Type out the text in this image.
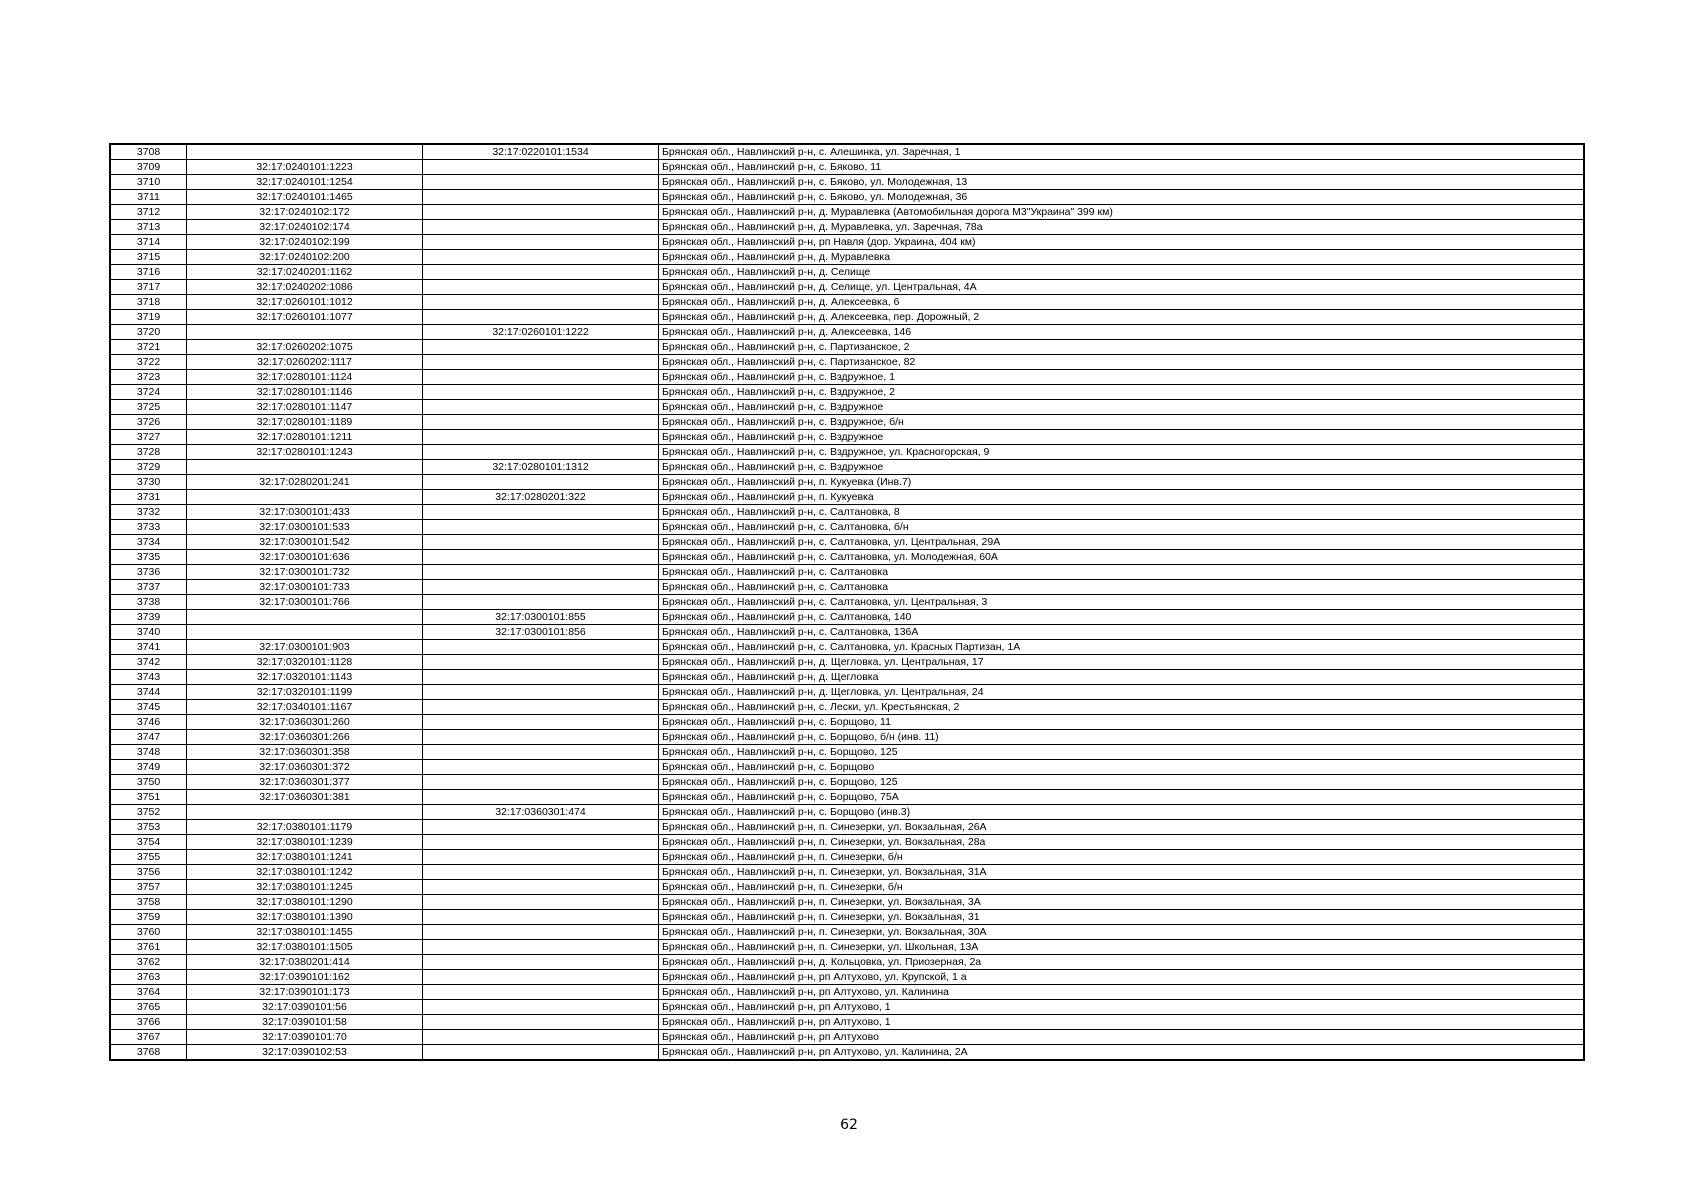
3708		32:17:0220101:1534	Брянская обл., Навлинский р-н, с. Алешинка, ул. Заречная, 1
3709	32:17:0240101:1223		Брянская обл., Навлинский р-н, с. Бяково, 11
3710	32:17:0240101:1254		Брянская обл., Навлинский р-н, с. Бяково, ул. Молодежная, 13
3711	32:17:0240101:1465		Брянская обл., Навлинский р-н, с. Бяково, ул. Молодежная, 36
3712	32:17:0240102:172		Брянская обл., Навлинский р-н, д. Муравлевка (Автомобильная дорога М3"Украина" 399 км)
3713	32:17:0240102:174		Брянская обл., Навлинский р-н, д. Муравлевка, ул. Заречная, 78а
3714	32:17:0240102:199		Брянская обл., Навлинский р-н, рп Навля (дор. Украина, 404 км)
3715	32:17:0240102:200		Брянская обл., Навлинский р-н, д. Муравлевка
3716	32:17:0240201:1162		Брянская обл., Навлинский р-н, д. Селище
3717	32:17:0240202:1086		Брянская обл., Навлинский р-н, д. Селище, ул. Центральная, 4А
3718	32:17:0260101:1012		Брянская обл., Навлинский р-н, д. Алексеевка, 6
3719	32:17:0260101:1077		Брянская обл., Навлинский р-н, д. Алексеевка, пер. Дорожный, 2
3720		32:17:0260101:1222	Брянская обл., Навлинский р-н, д. Алексеевка, 146
3721	32:17:0260202:1075		Брянская обл., Навлинский р-н, с. Партизанское, 2
3722	32:17:0260202:1117		Брянская обл., Навлинский р-н, с. Партизанское, 82
3723	32:17:0280101:1124		Брянская обл., Навлинский р-н, с. Вздружное, 1
3724	32:17:0280101:1146		Брянская обл., Навлинский р-н, с. Вздружное, 2
3725	32:17:0280101:1147		Брянская обл., Навлинский р-н, с. Вздружное
3726	32:17:0280101:1189		Брянская обл., Навлинский р-н, с. Вздружное, б/н
3727	32:17:0280101:1211		Брянская обл., Навлинский р-н, с. Вздружное
3728	32:17:0280101:1243		Брянская обл., Навлинский р-н, с. Вздружное, ул. Красногорская, 9
3729		32:17:0280101:1312	Брянская обл., Навлинский р-н, с. Вздружное
3730	32:17:0280201:241		Брянская обл., Навлинский р-н, п. Кукуевка (Инв.7)
3731		32:17:0280201:322	Брянская обл., Навлинский р-н, п. Кукуевка
3732	32:17:0300101:433		Брянская обл., Навлинский р-н, с. Салтановка, 8
3733	32:17:0300101:533		Брянская обл., Навлинский р-н, с. Салтановка, б/н
3734	32:17:0300101:542		Брянская обл., Навлинский р-н, с. Салтановка, ул. Центральная, 29А
3735	32:17:0300101:636		Брянская обл., Навлинский р-н, с. Салтановка, ул. Молодежная, 60А
3736	32:17:0300101:732		Брянская обл., Навлинский р-н, с. Салтановка
3737	32:17:0300101:733		Брянская обл., Навлинский р-н, с. Салтановка
3738	32:17:0300101:766		Брянская обл., Навлинский р-н, с. Салтановка, ул. Центральная, 3
3739		32:17:0300101:855	Брянская обл., Навлинский р-н, с. Салтановка, 140
3740		32:17:0300101:856	Брянская обл., Навлинский р-н, с. Салтановка, 136А
3741	32:17:0300101:903		Брянская обл., Навлинский р-н, с. Салтановка, ул. Красных Партизан, 1А
3742	32:17:0320101:1128		Брянская обл., Навлинский р-н, д. Щегловка, ул. Центральная, 17
3743	32:17:0320101:1143		Брянская обл., Навлинский р-н, д. Щегловка
3744	32:17:0320101:1199		Брянская обл., Навлинский р-н, д. Щегловка, ул. Центральная, 24
3745	32:17:0340101:1167		Брянская обл., Навлинский р-н, с. Лески, ул. Крестьянская, 2
3746	32:17:0360301:260		Брянская обл., Навлинский р-н, с. Борщово, 11
3747	32:17:0360301:266		Брянская обл., Навлинский р-н, с. Борщово, б/н (инв. 11)
3748	32:17:0360301:358		Брянская обл., Навлинский р-н, с. Борщово, 125
3749	32:17:0360301:372		Брянская обл., Навлинский р-н, с. Борщово
3750	32:17:0360301:377		Брянская обл., Навлинский р-н, с. Борщово, 125
3751	32:17:0360301:381		Брянская обл., Навлинский р-н, с. Борщово, 75А
3752		32:17:0360301:474	Брянская обл., Навлинский р-н, с. Борщово (инв.3)
3753	32:17:0380101:1179		Брянская обл., Навлинский р-н, п. Синезерки, ул. Вокзальная, 26А
3754	32:17:0380101:1239		Брянская обл., Навлинский р-н, п. Синезерки, ул. Вокзальная, 28а
3755	32:17:0380101:1241		Брянская обл., Навлинский р-н, п. Синезерки, б/н
3756	32:17:0380101:1242		Брянская обл., Навлинский р-н, п. Синезерки, ул. Вокзальная, 31А
3757	32:17:0380101:1245		Брянская обл., Навлинский р-н, п. Синезерки, б/н
3758	32:17:0380101:1290		Брянская обл., Навлинский р-н, п. Синезерки, ул. Вокзальная, 3А
3759	32:17:0380101:1390		Брянская обл., Навлинский р-н, п. Синезерки, ул. Вокзальная, 31
3760	32:17:0380101:1455		Брянская обл., Навлинский р-н, п. Синезерки, ул. Вокзальная, 30А
3761	32:17:0380101:1505		Брянская обл., Навлинский р-н, п. Синезерки, ул. Школьная, 13А
3762	32:17:0380201:414		Брянская обл., Навлинский р-н, д. Кольцовка, ул. Приозерная, 2а
3763	32:17:0390101:162		Брянская обл., Навлинский р-н, рп Алтухово, ул. Крупской, 1 а
3764	32:17:0390101:173		Брянская обл., Навлинский р-н, рп Алтухово, ул. Калинина
3765	32:17:0390101:56		Брянская обл., Навлинский р-н, рп Алтухово, 1
3766	32:17:0390101:58		Брянская обл., Навлинский р-н, рп Алтухово, 1
3767	32:17:0390101:70		Брянская обл., Навлинский р-н, рп Алтухово
3768	32:17:0390102:53		Брянская обл., Навлинский р-н, рп Алтухово, ул. Калинина, 2А
62
